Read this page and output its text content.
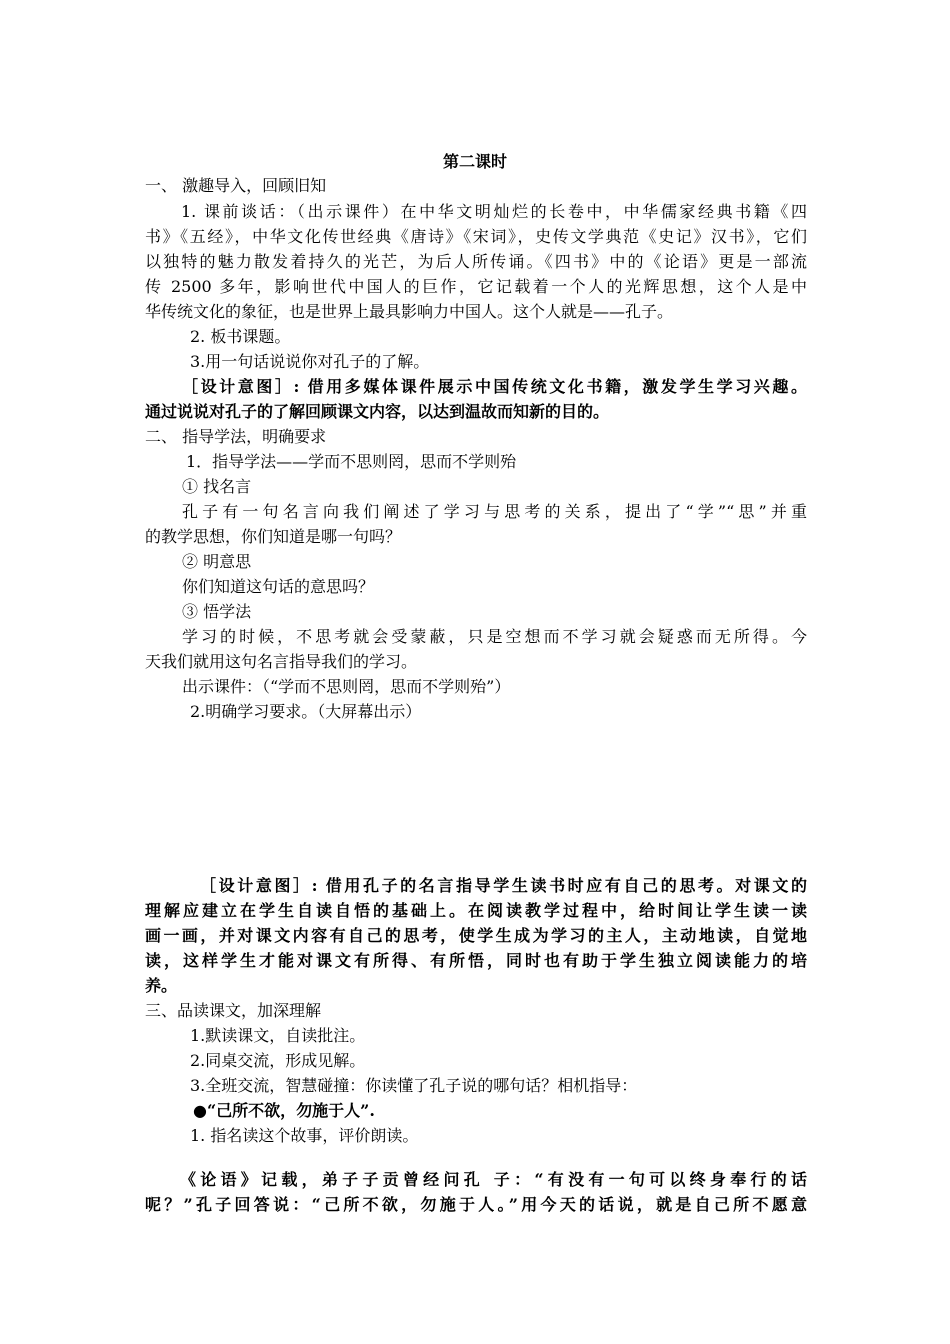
第二课时
一、 激趣导入，回顾旧知
1. 课前谈话：（出示课件）在中华文明灿烂的长卷中，中华儒家经典书籍《四
书》《五经》，中华文化传世经典《唐诗》《宋词》，史传文学典范《史记》汉书》，它们
以独特的魅力散发着持久的光芒，为后人所传诵。《四书》中的《论语》更是一部流
传 2500 多年，影响世代中国人的巨作，它记载着一个人的光辉思想，这个人是中
华传统文化的象征，也是世界上最具影响力中国人。这个人就是——孔子。
2. 板书课题。
3.用一句话说说你对孔子的了解。
［设计意图］: 借用多媒体课件展示中国传统文化书籍，激发学生学习兴趣。
通过说说对孔子的了解回顾课文内容，以达到温故而知新的目的。
二、 指导学法，明确要求
1．指导学法——学而不思则罔，思而不学则殆
① 找名言
孔子有一句名言向我们阐述了学习与思考的关系，提出了“学”“思”并重
的教学思想，你们知道是哪一句吗？
② 明意思
你们知道这句话的意思吗？
③ 悟学法
学习的时候，不思考就会受蒙蔽，只是空想而不学习就会疑惑而无所得。今
天我们就用这句名言指导我们的学习。
出示课件：（“学而不思则罔，思而不学则殆”）
2.明确学习要求。（大屏幕出示）
［设计意图］: 借用孔子的名言指导学生读书时应有自己的思考。对课文的
理解应建立在学生自读自悟的基础上。在阅读教学过程中，给时间让学生读一读
画一画，并对课文内容有自己的思考，使学生成为学习的主人，主动地读，自觉地
读，这样学生才能对课文有所得、有所悟，同时也有助于学生独立阅读能力的培
养。
三、品读课文，加深理解
1.默读课文，自读批注。
2.同桌交流，形成见解。
3.全班交流，智慧碰撞：你读懂了孔子说的哪句话？相机指导：
●“己所不欲，勿施于人”.
1. 指名读这个故事，评价朗读。
《论语》记载，弟子子贡曾经问孔 子：“有没有一句可以终身奉行的话
呢？”孔子回答说：“己所不欲，勿施于人。”用今天的话说，就是自己所不愿意
